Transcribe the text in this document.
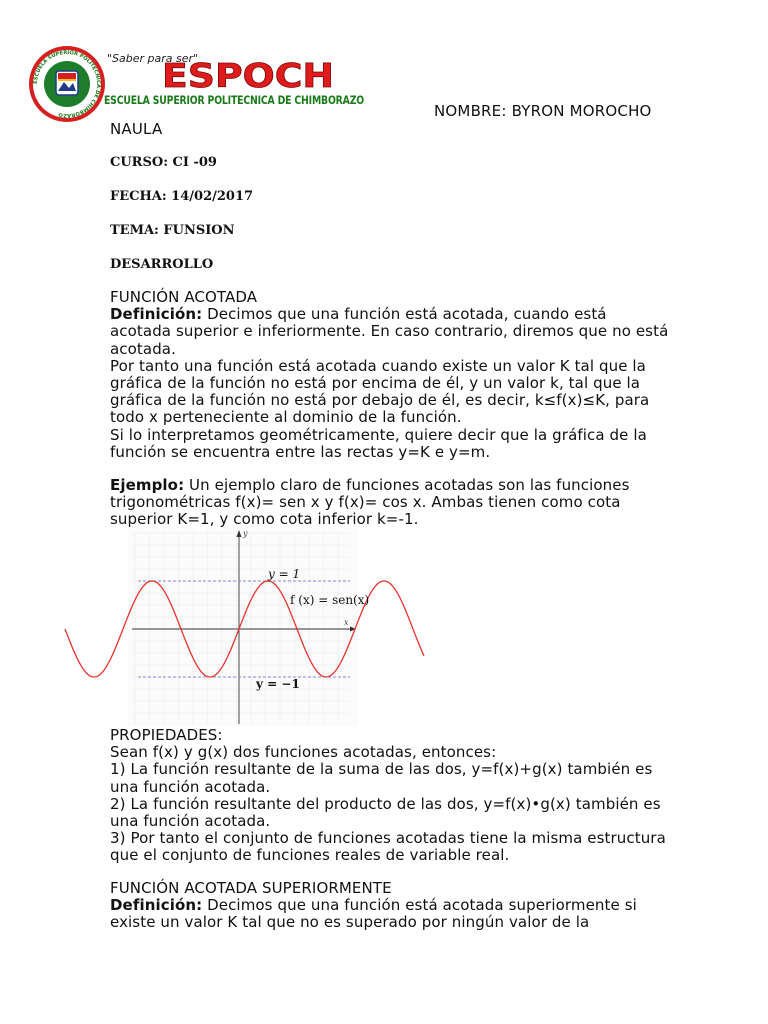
ESCUELA SUPERIOR POLITECNICA DE CHIMBORAZO
"Saber para ser"
ESPOCH
ESCUELA SUPERIOR POLITECNICA DE CHIMBORAZO
NOMBRE: BYRON MOROCHO
NAULA
CURSO: CI -09
FECHA: 14/02/2017
TEMA: FUNSION
DESARROLLO

FUNCIÓN ACOTADA

Definición: Decimos que una función está acotada, cuando está acotada superior e inferiormente. En caso contrario, diremos que no está acotada.

Por tanto una función está acotada cuando existe un valor K tal que la gráfica de la función no está por encima de él, y un valor k, tal que la gráfica de la función no está por debajo de él, es decir, k≤f(x)≤K, para todo x perteneciente al dominio de la función.

Si lo interpretamos geométricamente, quiere decir que la gráfica de la función se encuentra entre las rectas y=K e y=m.

Ejemplo: Un ejemplo claro de funciones acotadas son las funciones trigonométricas f(x)= sen x y f(x)= cos x. Ambas tienen como cota superior K=1, y como cota inferior k=-1.

x
y
y = 1
f (x) = sen(x)
y = −1

PROPIEDADES:

Sean f(x) y g(x) dos funciones acotadas, entonces:

1) La función resultante de la suma de las dos, y=f(x)+g(x) también es una función acotada.

2) La función resultante del producto de las dos, y=f(x)•g(x) también es una función acotada.

3) Por tanto el conjunto de funciones acotadas tiene la misma estructura que el conjunto de funciones reales de variable real.

FUNCIÓN ACOTADA SUPERIORMENTE

Definición: Decimos que una función está acotada superiormente si existe un valor K tal que no es superado por ningún valor de la
